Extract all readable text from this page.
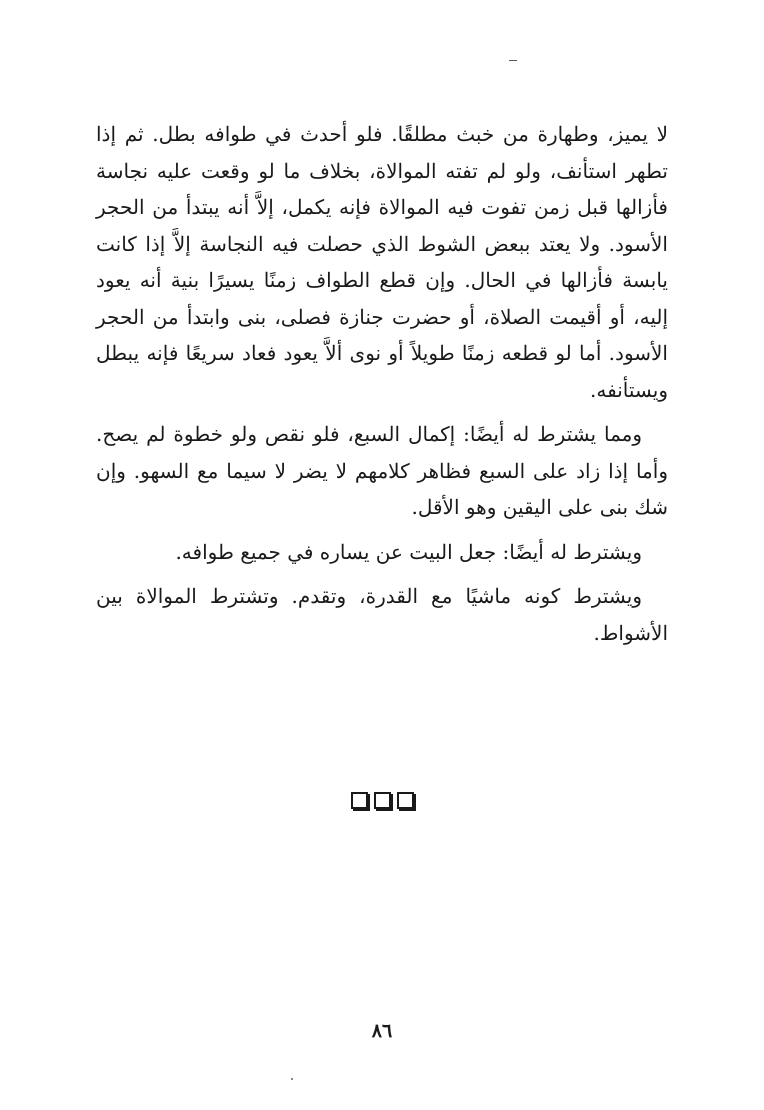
لا يميز، وطهارة من خبث مطلقًا. فلو أحدث في طوافه بطل. ثم إذا تطهر استأنف، ولو لم تفته الموالاة، بخلاف ما لو وقعت عليه نجاسة فأزالها قبل زمن تفوت فيه الموالاة فإنه يكمل، إلاَّ أنه يبتدأ من الحجر الأسود. ولا يعتد ببعض الشوط الذي حصلت فيه النجاسة إلاَّ إذا كانت يابسة فأزالها في الحال. وإن قطع الطواف زمنًا يسيرًا بنية أنه يعود إليه، أو أقيمت الصلاة، أو حضرت جنازة فصلى، بنى وابتدأ من الحجر الأسود. أما لو قطعه زمنًا طويلاً أو نوى ألاَّ يعود فعاد سريعًا فإنه يبطل ويستأنفه.

ومما يشترط له أيضًا: إكمال السبع، فلو نقص ولو خطوة لم يصح. وأما إذا زاد على السبع فظاهر كلامهم لا يضر لا سيما مع السهو. وإن شك بنى على اليقين وهو الأقل.

ويشترط له أيضًا: جعل البيت عن يساره في جميع طوافه.

ويشترط كونه ماشيًا مع القدرة، وتقدم. وتشترط الموالاة بين الأشواط.

٨٦
